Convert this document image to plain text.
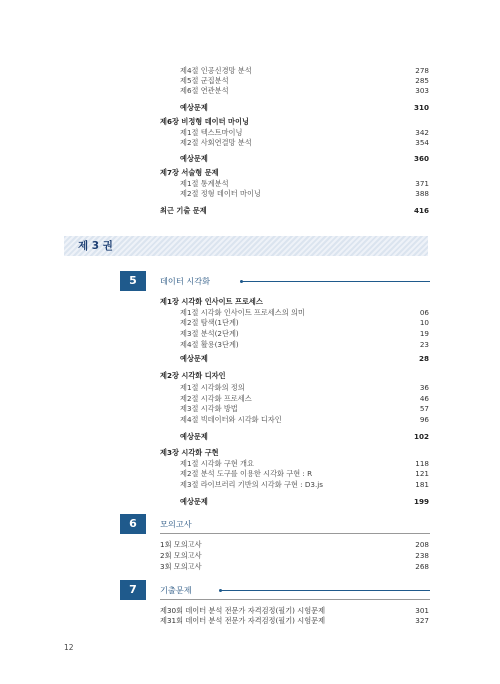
제4절 인공신경망 분석	278
제5절 군집분석	285
제6절 연관분석	303
예상문제	310
제6장 비정형 데이터 마이닝
제1절 텍스트마이닝	342
제2절 사회연결망 분석	354
예상문제	360
제7장 서술형 문제
제1절 통계분석	371
제2절 정형 데이터 마이닝	388
최근 기출 문제	416
제1장 시각화 인사이트 프로세스
제1절 시각화 인사이트 프로세스의 의미	06
제2절 탐색(1단계)	10
제3절 분석(2단계)	19
제4절 활용(3단계)	23
예상문제	28
제2장 시각화 디자인
제1절 시각화의 정의	36
제2절 시각화 프로세스	46
제3절 시각화 방법	57
제4절 빅데이터와 시각화 디자인	96
예상문제	102
제3장 시각화 구현
제1절 시각화 구현 개요	118
제2절 분석 도구를 이용한 시각화 구현 : R	121
제3절 라이브러리 기반의 시각화 구현 : D3.js	181
예상문제	199
1회 모의고사	208
2회 모의고사	238
3회 모의고사	268
제30회 데이터 분석 전문가 자격검정(필기) 시험문제	301
제31회 데이터 분석 전문가 자격검정(필기) 시험문제	327
제 3 권
5	데이터 시각화
6	모의고사
7	기출문제
12
